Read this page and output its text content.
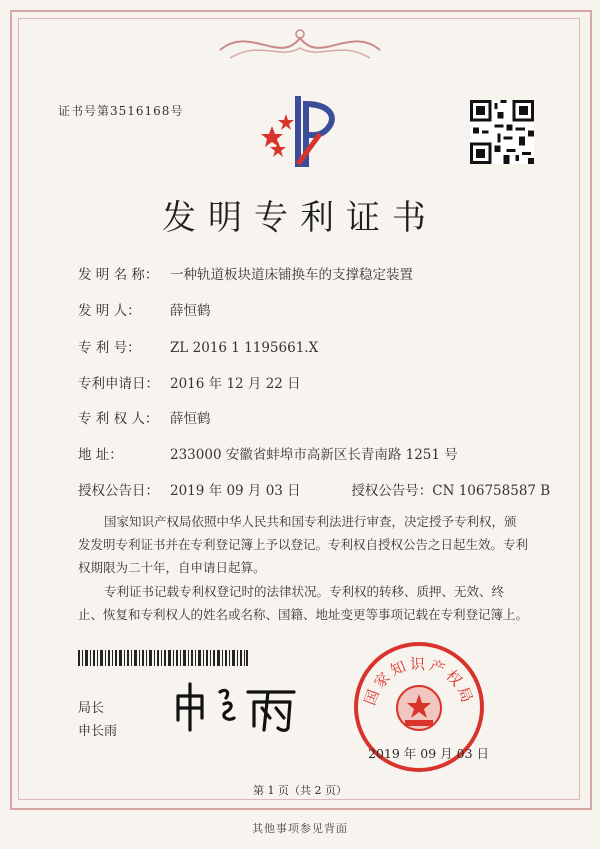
证书号第3516168号
发明专利证书
发 明 名 称： 一种轨道板块道床铺换车的支撑稳定装置
发 明 人： 薛恒鹤
专 利 号： ZL 2016 1 1195661.X
专利申请日： 2016 年 12 月 22 日
专 利 权 人： 薛恒鹤
地 址：	233000 安徽省蚌埠市高新区长青南路 1251 号
授权公告日： 2019 年 09 月 03 日	授权公告号：CN 106758587 B
国家知识产权局依照中华人民共和国专利法进行审查，决定授予专利权，颁发发明专利证书并在专利登记簿上予以登记。专利权自授权公告之日起生效。专利权期限为二十年，自申请日起算。
专利证书记载专利权登记时的法律状况。专利权的转移、质押、无效、终止、恢复和专利权人的姓名或名称、国籍、地址变更等事项记载在专利登记簿上。
局长
申长雨
国家知识产权局
2019 年 09 月 03 日
第 1 页（共 2 页）
其他事项参见背面
